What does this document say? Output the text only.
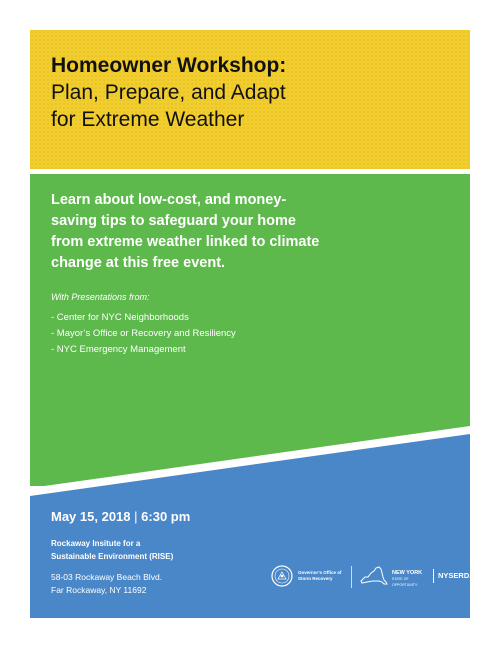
Homeowner Workshop:
Plan, Prepare, and Adapt
for Extreme Weather
Learn about low-cost, and money-saving tips to safeguard your home from extreme weather linked to climate change at this free event.
With Presentations from:
- Center for NYC Neighborhoods
- Mayor’s Office or Recovery and Resiliency
- NYC Emergency Management
May 15, 2018 | 6:30 pm
Rockaway Insitute for a
Sustainable Environment (RISE)
58-03 Rockaway Beach Blvd.
Far Rockaway, NY 11692
Governor’s Office of
Storm Recovery
NEW YORK
STATE OF
OPPORTUNITY.
NYSERDA
